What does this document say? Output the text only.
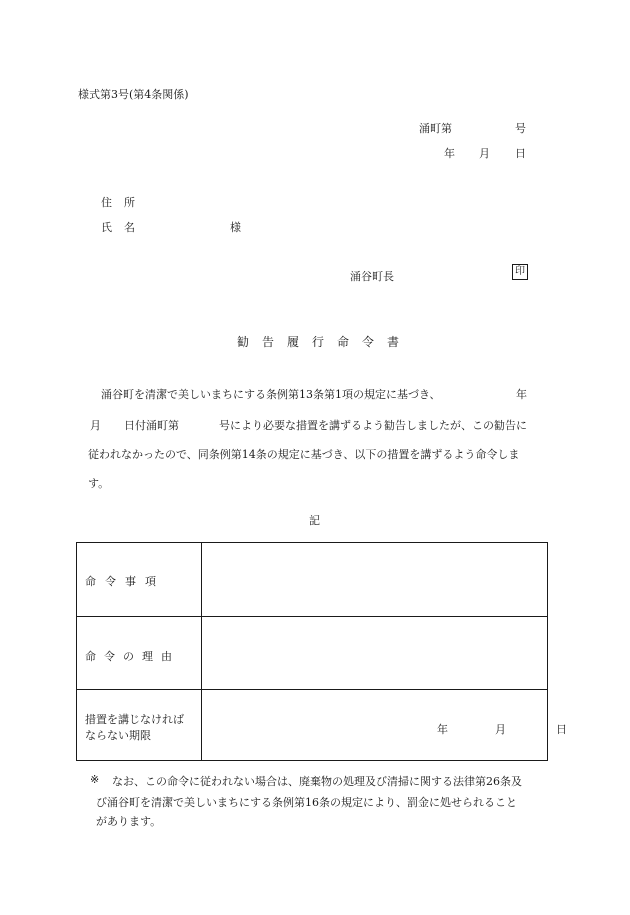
様式第3号(第4条関係)
涌町第	号
年 月 日
住所
氏名	様
涌谷町長	印
勧告履行命令書
涌谷町を清潔で美しいまちにする条例第13条第1項の規定に基づき、	年
月 日付涌町第	号により必要な措置を講ずるよう勧告しましたが、この勧告に
従われなかったので、同条例第14条の規定に基づき、以下の措置を講ずるよう命令しま
す。
記
命令事項
命令の理由
措置を講じなければ
ならない期限	年	月	日
※ なお、この命令に従われない場合は、廃棄物の処理及び清掃に関する法律第26条及
び涌谷町を清潔で美しいまちにする条例第16条の規定により、罰金に処せられること
があります。
